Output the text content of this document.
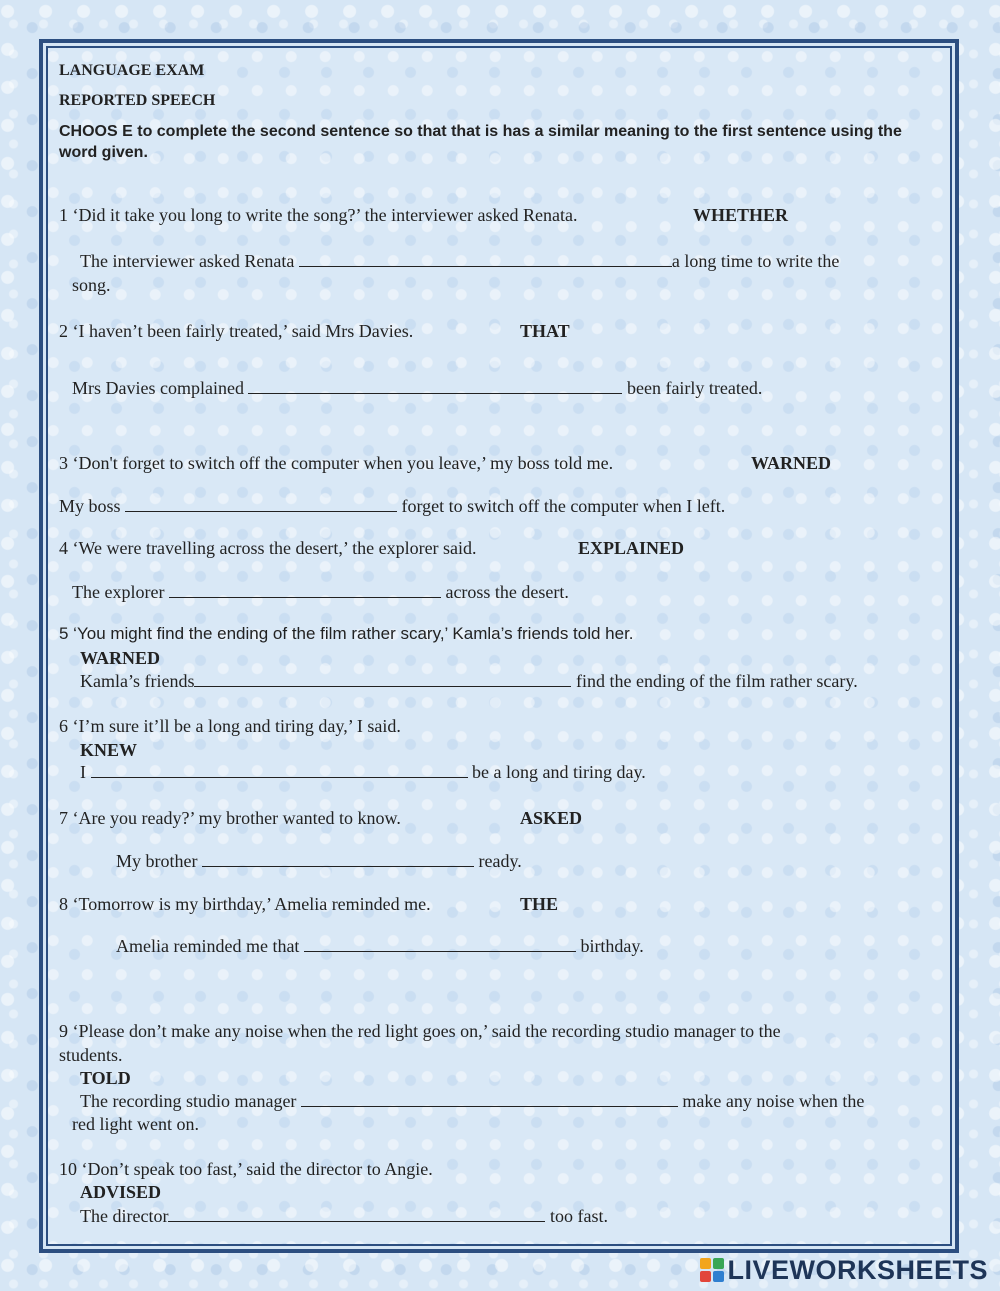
LANGUAGE EXAM
REPORTED SPEECH
CHOOS E to complete the second sentence so that that is has a similar meaning to the first sentence using the word given.
1 ‘Did it take you long to write the song?’ the interviewer asked Renata.	WHETHER
The interviewer asked Renata	a long time to write the
song.
2 ‘I haven’t been fairly treated,’ said Mrs Davies.	THAT
Mrs Davies complained	been fairly treated.
3 ‘Don't forget to switch off the computer when you leave,’ my boss told me.	WARNED
My boss	forget to switch off the computer when I left.
4 ‘We were travelling across the desert,’ the explorer said.	EXPLAINED
The explorer	across the desert.
5 ‘You might find the ending of the film rather scary,’ Kamla’s friends told her.
WARNED
Kamla’s friends	find the ending of the film rather scary.
6 ‘I’m sure it’ll be a long and tiring day,’ I said.
KNEW
I	be a long and tiring day.
7 ‘Are you ready?’ my brother wanted to know.	ASKED
My brother	ready.
8 ‘Tomorrow is my birthday,’ Amelia reminded me.	THE
Amelia reminded me that	birthday.
9 ‘Please don’t make any noise when the red light goes on,’ said the recording studio manager to the
students.
TOLD
The recording studio manager	make any noise when the
red light went on.
10 ‘Don’t speak too fast,’ said the director to Angie.
ADVISED
The director	too fast.
LIVEWORKSHEETS
